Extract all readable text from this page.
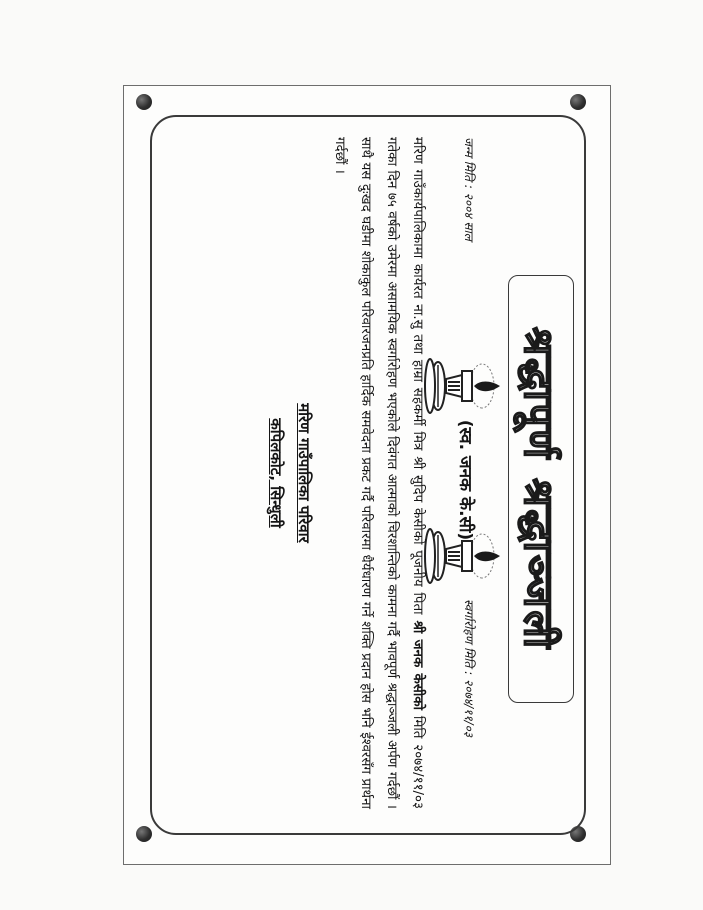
श्रद्धापूर्ण श्रद्धाञ्जली
जन्म मिति : २००४ साल
(स्व. जनक के.सी)
स्वर्गारोहण मिति : २०७४/११/०३
मरिण गाउँकार्यपालिकामा कार्यरत ना.सु तथा हाम्रा सहकर्मी मित्र श्री सुदिप केसीको पूजनीय पिता श्री जनक केसीको मिति २०७४/११/०३ गतेका दिन ७५ वर्षको उमेरमा असामयिक स्वर्गारोहण भएकोले दिवंगत आत्माको चिरशान्तिको कामना गर्दै भावपूर्ण श्रद्धाञ्जली अर्पण गर्दछौं । साथै यस दुःखद घडीमा शोकाकुल परिवारजनप्रति हार्दिक समवेदना प्रकट गर्दै परिवारमा धैर्यधारण गर्ने शक्ति प्रदान होस भनि ईश्वरसँग प्रार्थना गर्दछौं ।
मरिण गाउँपालिका परिवार
कपिलकोट, सिन्धुली
